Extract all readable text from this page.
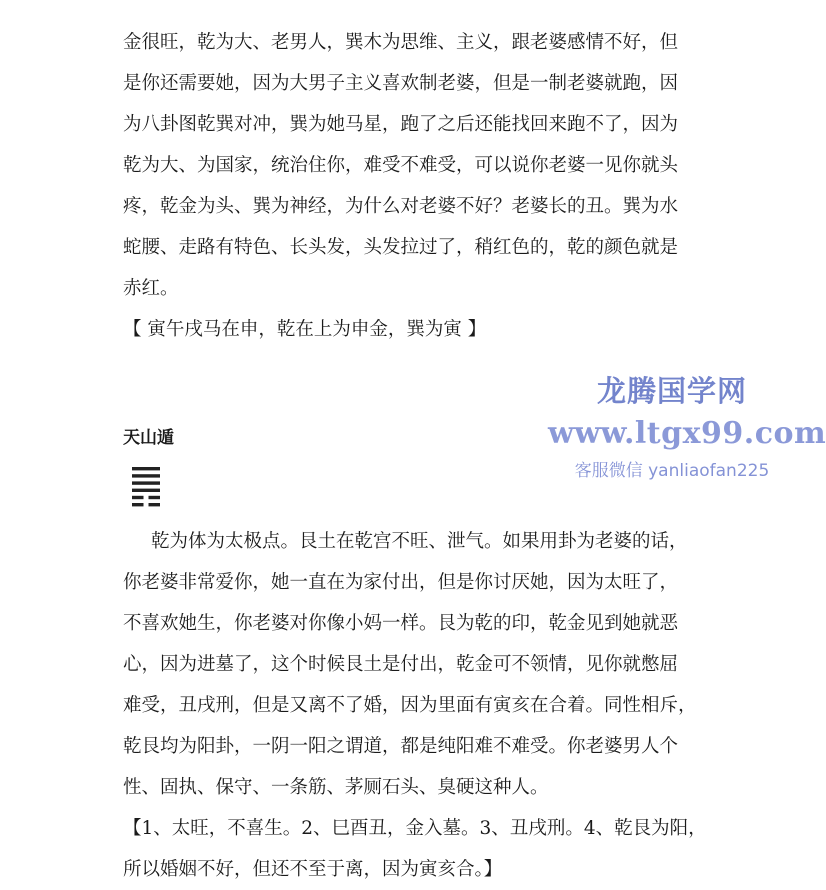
金很旺，乾为大、老男人，巽木为思维、主义，跟老婆感情不好，但
是你还需要她，因为大男子主义喜欢制老婆，但是一制老婆就跑，因
为八卦图乾巽对冲，巽为她马星，跑了之后还能找回来跑不了，因为
乾为大、为国家，统治住你，难受不难受，可以说你老婆一见你就头
疼，乾金为头、巽为神经，为什么对老婆不好？老婆长的丑。巽为水
蛇腰、走路有特色、长头发，头发拉过了，稍红色的，乾的颜色就是
赤红。
【 寅午戌马在申，乾在上为申金，巽为寅 】
天山遁
乾为体为太极点。艮土在乾宫不旺、泄气。如果用卦为老婆的话，
你老婆非常爱你，她一直在为家付出，但是你讨厌她，因为太旺了，
不喜欢她生，你老婆对你像小妈一样。艮为乾的印，乾金见到她就恶
心，因为进墓了，这个时候艮土是付出，乾金可不领情，见你就憋屈
难受，丑戌刑，但是又离不了婚，因为里面有寅亥在合着。同性相斥，
乾艮均为阳卦，一阴一阳之谓道，都是纯阳难不难受。你老婆男人个
性、固执、保守、一条筋、茅厕石头、臭硬这种人。
【1、太旺，不喜生。2、巳酉丑，金入墓。3、丑戌刑。4、乾艮为阳，
所以婚姻不好，但还不至于离，因为寅亥合。】
龙腾国学网
www.ltgx99.com
客服微信 yanliaofan225
